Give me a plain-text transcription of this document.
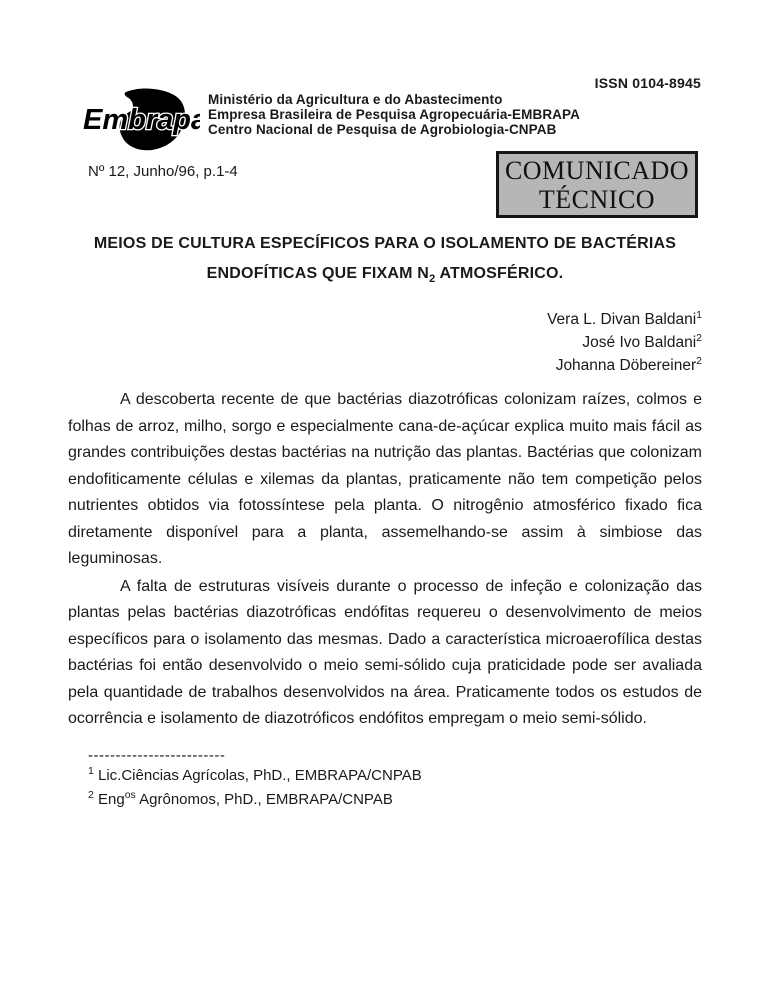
ISSN 0104-8945
Embrapa
Ministério da Agricultura e do Abastecimento
Empresa Brasileira de Pesquisa Agropecuária-EMBRAPA
Centro Nacional de Pesquisa de Agrobiologia-CNPAB
Nº 12, Junho/96, p.1-4	COMUNICADO
TÉCNICO
MEIOS DE CULTURA ESPECÍFICOS PARA O ISOLAMENTO DE BACTÉRIAS
ENDOFÍTICAS QUE FIXAM $N_2$ ATMOSFÉRICO.
Vera L. Divan Baldani$^1$
José Ivo Baldani$^2$
Johanna Döbereiner$^2$

A descoberta recente de que bactérias diazotróficas colonizam raízes, colmos e folhas de arroz, milho, sorgo e especialmente cana-de-açúcar explica muito mais fácil as grandes contribuições destas bactérias na nutrição das plantas. Bactérias que colonizam endofiticamente células e xilemas da plantas, praticamente não tem competição pelos nutrientes obtidos via fotossíntese pela planta. O nitrogênio atmosférico fixado fica diretamente disponível para a planta, assemelhando-se assim à simbiose das leguminosas.

A falta de estruturas visíveis durante o processo de infeção e colonização das plantas pelas bactérias diazotróficas endófitas requereu o desenvolvimento de meios específicos para o isolamento das mesmas. Dado a característica microaerofílica destas bactérias foi então desenvolvido o meio semi-sólido cuja praticidade pode ser avaliada pela quantidade de trabalhos desenvolvidos na área. Praticamente todos os estudos de ocorrência e isolamento de diazotróficos endófitos empregam o meio semi-sólido.

-------------------------
$^1$ Lic.Ciências Agrícolas, PhD., EMBRAPA/CNPAB
$^2$ Eng$^{os}$ Agrônomos, PhD., EMBRAPA/CNPAB
